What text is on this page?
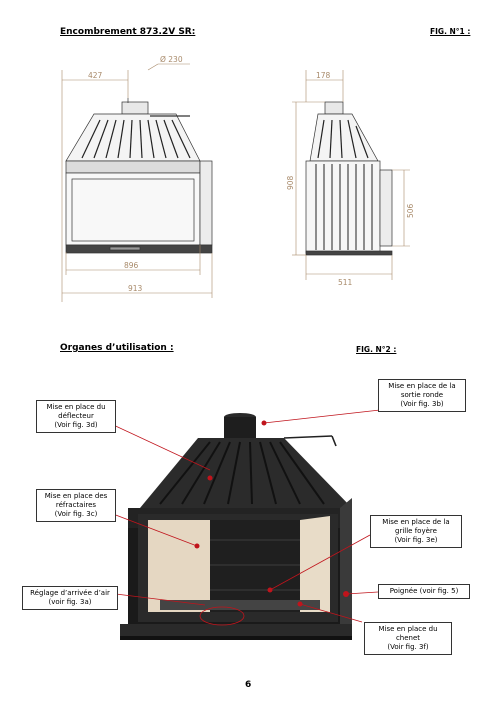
Encombrement 873.2V SR:	FIG. N°1 :
427
Ø 230
896
913
178
908
506
511
Organes d’utilisation :	FIG. N°2 :
Mise en place de la
sortie ronde
(Voir fig. 3b)
Mise en place du
déflecteur
(Voir fig. 3d)
Mise en place des
réfractaires
(Voir fig. 3c)
Mise en place de la
grille foyère
(Voir fig. 3e)
Réglage d’arrivée d’air
(voir fig. 3a)
Poignée (voir fig. 5)
Mise en place du
chenet
(Voir fig. 3f)
6
